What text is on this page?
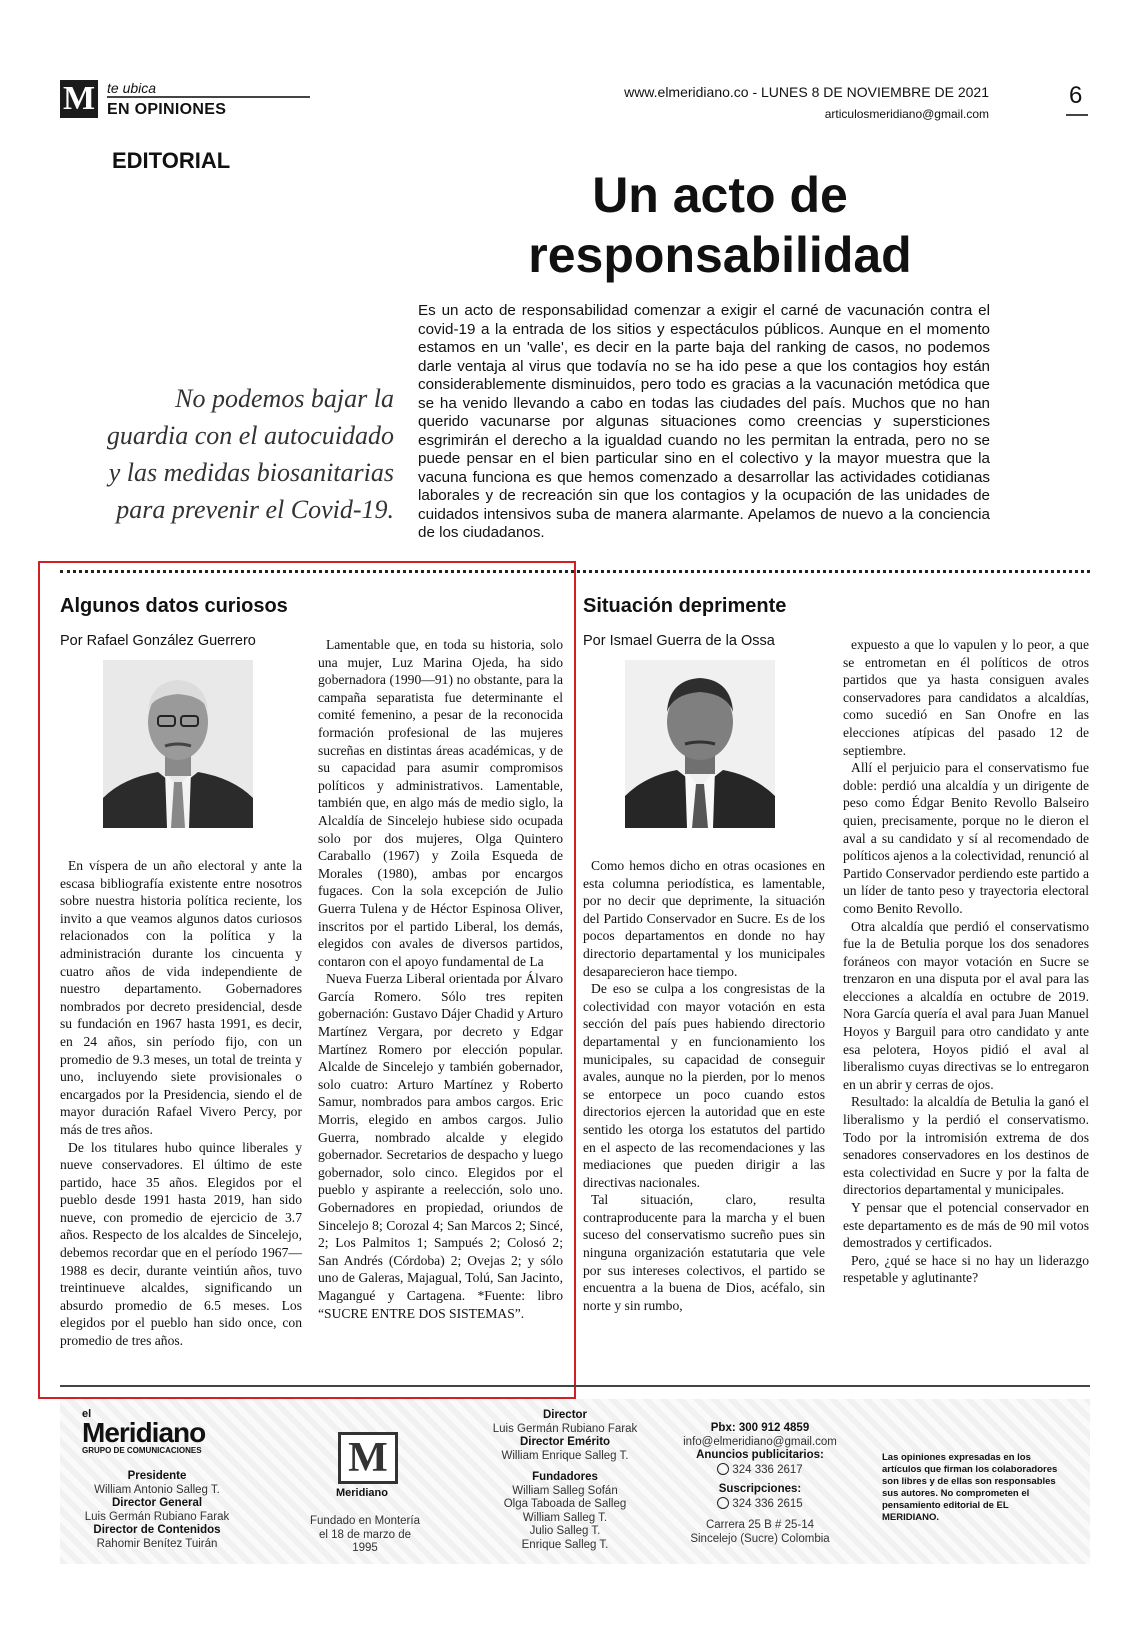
M te ubica
EN OPINIONES
www.elmeridiano.co - LUNES 8 DE NOVIEMBRE DE 2021
articulosmeridiano@gmail.com
6
EDITORIAL
Un acto de
responsabilidad
Es un acto de responsabilidad comenzar a exigir el carné de vacunación contra el covid-19 a la entrada de los sitios y espectáculos públicos. Aunque en el momento estamos en un 'valle', es decir en la parte baja del ranking de casos, no podemos darle ventaja al virus que todavía no se ha ido pese a que los contagios hoy están considerablemente disminuidos, pero todo es gracias a la vacunación metódica que se ha venido llevando a cabo en todas las ciudades del país. Muchos que no han querido vacunarse por algunas situaciones como creencias y supersticiones esgrimirán el derecho a la igualdad cuando no les permitan la entrada, pero no se puede pensar en el bien particular sino en el colectivo y la mayor muestra que la vacuna funciona es que hemos comenzado a desarrollar las actividades cotidianas laborales y de recreación sin que los contagios y la ocupación de las unidades de cuidados intensivos suba de manera alarmante. Apelamos de nuevo a la conciencia de los ciudadanos.
No podemos bajar la guardia con el autocuidado y las medidas biosanitarias para prevenir el Covid-19.
Algunos datos curiosos
Por Rafael González Guerrero

En víspera de un año electoral y ante la escasa bibliografía existente entre nosotros sobre nuestra historia política reciente, los invito a que veamos algunos datos curiosos relacionados con la política y la administración durante los cincuenta y cuatro años de vida independiente de nuestro departamento. Gobernadores nombrados por decreto presidencial, desde su fundación en 1967 hasta 1991, es decir, en 24 años, sin período fijo, con un promedio de 9.3 meses, un total de treinta y uno, incluyendo siete provisionales o encargados por la Presidencia, siendo el de mayor duración Rafael Vivero Percy, por más de tres años.

De los titulares hubo quince liberales y nueve conservadores. El último de este partido, hace 35 años. Elegidos por el pueblo desde 1991 hasta 2019, han sido nueve, con promedio de ejercicio de 3.7 años. Respecto de los alcaldes de Sincelejo, debemos recordar que en el período 1967—1988 es decir, durante veintiún años, tuvo treintinueve alcaldes, significando un absurdo promedio de 6.5 meses. Los elegidos por el pueblo han sido once, con promedio de tres años.

Lamentable que, en toda su historia, solo una mujer, Luz Marina Ojeda, ha sido gobernadora (1990—91) no obstante, para la campaña separatista fue determinante el comité femenino, a pesar de la reconocida formación profesional de las mujeres sucreñas en distintas áreas académicas, y de su capacidad para asumir compromisos políticos y administrativos. Lamentable, también que, en algo más de medio siglo, la Alcaldía de Sincelejo hubiese sido ocupada solo por dos mujeres, Olga Quintero Caraballo (1967) y Zoila Esqueda de Morales (1980), ambas por encargos fugaces. Con la sola excepción de Julio Guerra Tulena y de Héctor Espinosa Oliver, inscritos por el partido Liberal, los demás, elegidos con avales de diversos partidos, contaron con el apoyo fundamental de La

Nueva Fuerza Liberal orientada por Álvaro García Romero. Sólo tres repiten gobernación: Gustavo Dájer Chadid y Arturo Martínez Vergara, por decreto y Edgar Martínez Romero por elección popular. Alcalde de Sincelejo y también gobernador, solo cuatro: Arturo Martínez y Roberto Samur, nombrados para ambos cargos. Eric Morris, elegido en ambos cargos. Julio Guerra, nombrado alcalde y elegido gobernador. Secretarios de despacho y luego gobernador, solo cinco. Elegidos por el pueblo y aspirante a reelección, solo uno. Gobernadores en propiedad, oriundos de Sincelejo 8; Corozal 4; San Marcos 2; Sincé, 2; Los Palmitos 1; Sampués 2; Colosó 2; San Andrés (Córdoba) 2; Ovejas 2; y sólo uno de Galeras, Majagual, Tolú, San Jacinto, Magangué y Cartagena. *Fuente: libro “SUCRE ENTRE DOS SISTEMAS”.

Situación deprimente
Por Ismael Guerra de la Ossa

Como hemos dicho en otras ocasiones en esta columna periodística, es lamentable, por no decir que deprimente, la situación del Partido Conservador en Sucre. Es de los pocos departamentos en donde no hay directorio departamental y los municipales desaparecieron hace tiempo.

De eso se culpa a los congresistas de la colectividad con mayor votación en esta sección del país pues habiendo directorio departamental y en funcionamiento los municipales, su capacidad de conseguir avales, aunque no la pierden, por lo menos se entorpece un poco cuando estos directorios ejercen la autoridad que en este sentido les otorga los estatutos del partido en el aspecto de las recomendaciones y las mediaciones que pueden dirigir a las directivas nacionales.

Tal situación, claro, resulta contraproducente para la marcha y el buen suceso del conservatismo sucreño pues sin ninguna organización estatutaria que vele por sus intereses colectivos, el partido se encuentra a la buena de Dios, acéfalo, sin norte y sin rumbo,

expuesto a que lo vapulen y lo peor, a que se entrometan en él políticos de otros partidos que ya hasta consiguen avales conservadores para candidatos a alcaldías, como sucedió en San Onofre en las elecciones atípicas del pasado 12 de septiembre.

Allí el perjuicio para el conservatismo fue doble: perdió una alcaldía y un dirigente de peso como Édgar Benito Revollo Balseiro quien, precisamente, porque no le dieron el aval a su candidato y sí al recomendado de políticos ajenos a la colectividad, renunció al Partido Conservador perdiendo este partido a un líder de tanto peso y trayectoria electoral como Benito Revollo.

Otra alcaldía que perdió el conservatismo fue la de Betulia porque los dos senadores foráneos con mayor votación en Sucre se trenzaron en una disputa por el aval para las elecciones a alcaldía en octubre de 2019. Nora García quería el aval para Juan Manuel Hoyos y Barguil para otro candidato y ante esa pelotera, Hoyos pidió el aval al liberalismo cuyas directivas se lo entregaron en un abrir y cerras de ojos.

Resultado: la alcaldía de Betulia la ganó el liberalismo y la perdió el conservatismo. Todo por la intromisión extrema de dos senadores conservadores en los destinos de esta colectividad en Sucre y por la falta de directorios departamental y municipales.

Y pensar que el potencial conservador en este departamento es de más de 90 mil votos demostrados y certificados.

Pero, ¿qué se hace si no hay un liderazgo respetable y aglutinante?

el
Meridiano
GRUPO DE COMUNICACIONES
Presidente
William Antonio Salleg T.
Director General
Luis Germán Rubiano Farak
Director de Contenidos
Rahomir Benítez Tuirán
M
Meridiano
Fundado en Montería
el 18 de marzo de 1995
Director
Luis Germán Rubiano Farak
Director Emérito
William Enrique Salleg T.

Fundadores
William Salleg Sofán
Olga Taboada de Salleg
William Salleg T.
Julio Salleg T.
Enrique Salleg T.
Pbx: 300 912 4859
info@elmeridiano@gmail.com
Anuncios publicitarios:
324 336 2617

Suscripciones:
324 336 2615

Carrera 25 B # 25-14
Sincelejo (Sucre) Colombia
Las opiniones expresadas en los artículos que firman los colaboradores son libres y de ellas son responsables sus autores. No comprometen el pensamiento editorial de EL MERIDIANO.
